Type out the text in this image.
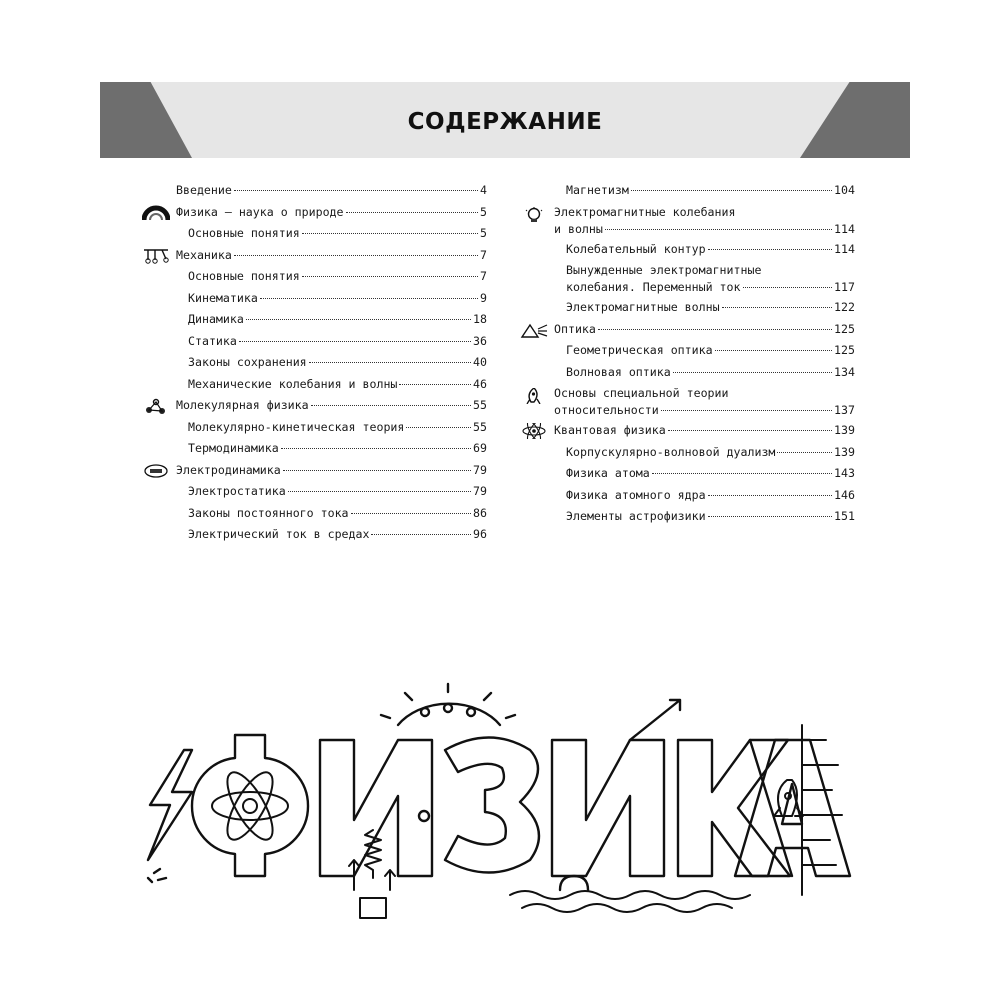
СОДЕРЖАНИЕ
Введение	4
Физика — наука о природе	5
Основные понятия	5
Механика	7
Основные понятия	7
Кинематика	9
Динамика	18
Статика	36
Законы сохранения	40
Механические колебания и волны	46
Молекулярная физика	55
Молекулярно-кинетическая теория	55
Термодинамика	69
Электродинамика	79
Электростатика	79
Законы постоянного тока	86
Электрический ток в средах	96
Магнетизм	104
Электромагнитные колебания
и волны	114
Колебательный контур	114
Вынужденные электромагнитные
колебания. Переменный ток	117
Электромагнитные волны	122
Оптика	125
Геометрическая оптика	125
Волновая оптика	134
Основы специальной теории
относительности	137
Квантовая физика	139
Корпускулярно-волновой дуализм	139
Физика атома	143
Физика атомного ядра	146
Элементы астрофизики	151
